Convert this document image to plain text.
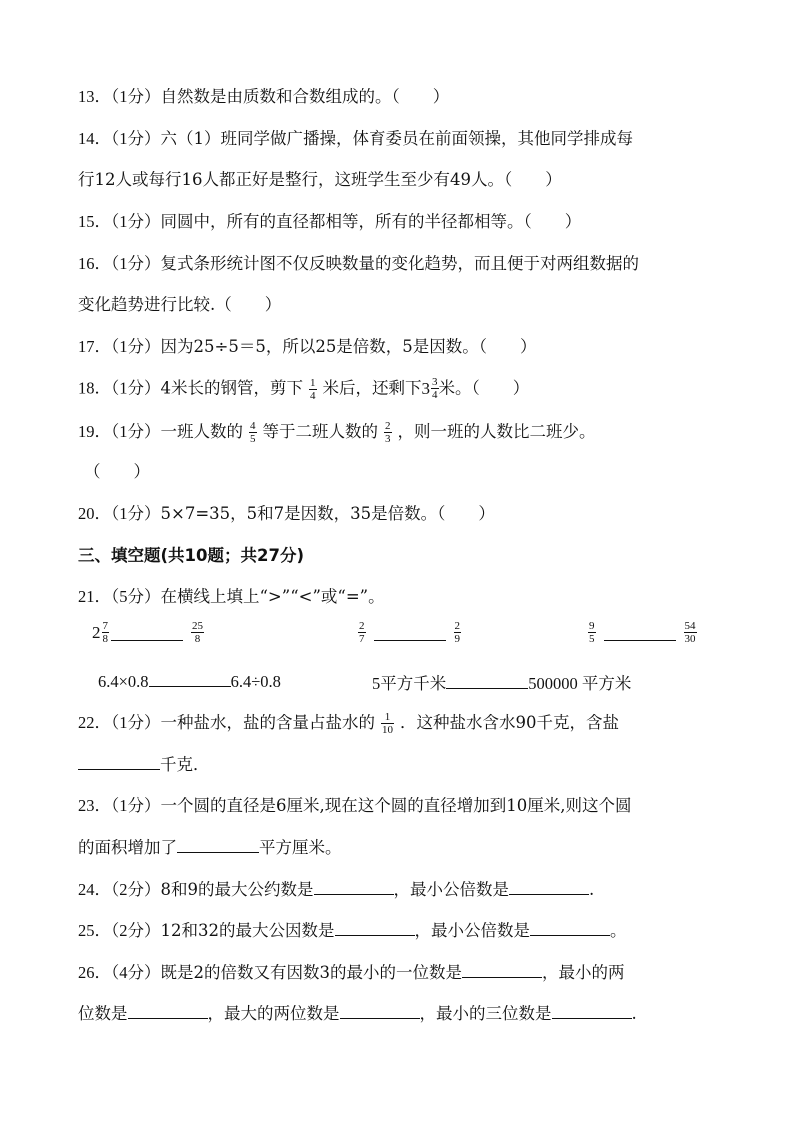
13．（1分）自然数是由质数和合数组成的。（　　）
14．（1分）六（1）班同学做广播操，体育委员在前面领操，其他同学排成每
行12人或每行16人都正好是整行，这班学生至少有49人。（　　）
15．（1分）同圆中，所有的直径都相等，所有的半径都相等。（　　）
16．（1分）复式条形统计图不仅反映数量的变化趋势，而且便于对两组数据的
变化趋势进行比较.（　　）
17．（1分）因为25÷5＝5，所以25是倍数，5是因数。（　　）
18．（1分）4米长的钢管，剪下 $\frac{1}{4}$ 米后，还剩下 $3 \frac{3}{4}$ 米。（　　）
19．（1分）一班人数的 $\frac{4}{5}$ 等于二班人数的 $\frac{2}{3}$ ，则一班的人数比二班少。
（　　）
20．（1分）5×7=35，5和7是因数，35是倍数。（　　）
三、填空题(共10题；共27分)
21．（5分）在横线上填上“>”“<”或“=”。
$2 \frac{7}{8}$	$\frac{25}{8}$	$\frac{2}{7}$	$\frac{2}{9}$	$\frac{9}{5}$	$\frac{54}{30}$
6.4×0.8	6.4÷0.8	5平方千米	500000 平方米
22．（1分）一种盐水，盐的含量占盐水的 $\frac{1}{10}$ ．这种盐水含水90千克，含盐
千克．
23．（1分）一个圆的直径是6厘米,现在这个圆的直径增加到10厘米,则这个圆
的面积增加了	平方厘米。
24．（2分）8和9的最大公约数是	，最小公倍数是	.
25．（2分）12和32的最大公因数是	，最小公倍数是	。
26．（4分）既是2的倍数又有因数3的最小的一位数是	，最小的两
位数是	，最大的两位数是	，最小的三位数是	.
